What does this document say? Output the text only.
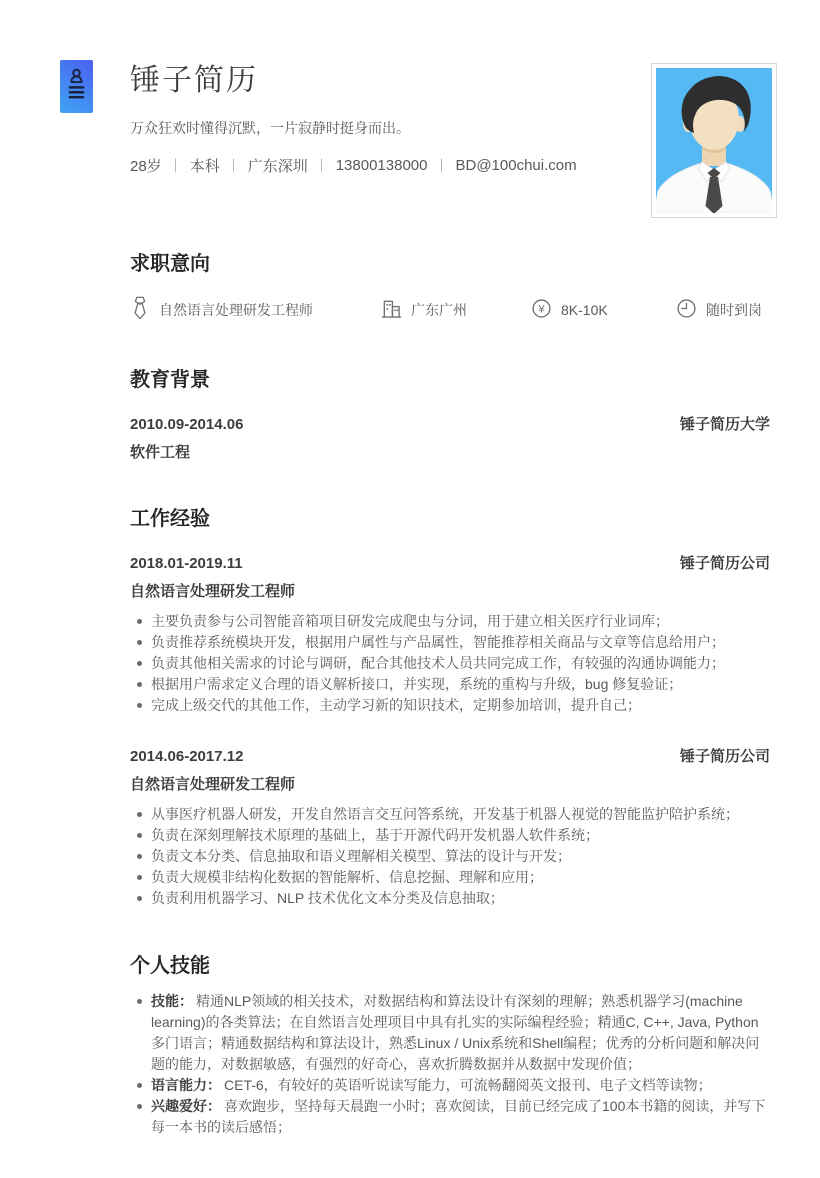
锤子简历
万众狂欢时懂得沉默，一片寂静时挺身而出。
28岁 ｜ 本科 ｜ 广东深圳 ｜ 13800138000 ｜ BD@100chui.com
求职意向
自然语言处理研发工程师	广东广州	¥ 8K-10K	随时到岗
教育背景
2010.09-2014.06	锤子简历大学
软件工程
工作经验
2018.01-2019.11	锤子简历公司
自然语言处理研发工程师
主要负责参与公司智能音箱项目研发完成爬虫与分词，用于建立相关医疗行业词库；
负责推荐系统模块开发，根据用户属性与产品属性，智能推荐相关商品与文章等信息给用户；
负责其他相关需求的讨论与调研，配合其他技术人员共同完成工作，有较强的沟通协调能力；
根据用户需求定义合理的语义解析接口，并实现，系统的重构与升级，bug 修复验证；
完成上级交代的其他工作，主动学习新的知识技术，定期参加培训，提升自己；
2014.06-2017.12	锤子简历公司
自然语言处理研发工程师
从事医疗机器人研发，开发自然语言交互问答系统，开发基于机器人视觉的智能监护陪护系统；
负责在深刻理解技术原理的基础上，基于开源代码开发机器人软件系统；
负责文本分类、信息抽取和语义理解相关模型、算法的设计与开发；
负责大规模非结构化数据的智能解析、信息挖掘、理解和应用；
负责利用机器学习、NLP 技术优化文本分类及信息抽取；
个人技能
技能： 精通NLP领域的相关技术，对数据结构和算法设计有深刻的理解；熟悉机器学习(machine learning)的各类算法；在自然语言处理项目中具有扎实的实际编程经验；精通C, C++, Java, Python多门语言；精通数据结构和算法设计，熟悉Linux / Unix系统和Shell编程；优秀的分析问题和解决问题的能力，对数据敏感，有强烈的好奇心，喜欢折腾数据并从数据中发现价值；
语言能力： CET-6，有较好的英语听说读写能力，可流畅翻阅英文报刊、电子文档等读物；
兴趣爱好： 喜欢跑步，坚持每天晨跑一小时；喜欢阅读，目前已经完成了100本书籍的阅读，并写下每一本书的读后感悟；
